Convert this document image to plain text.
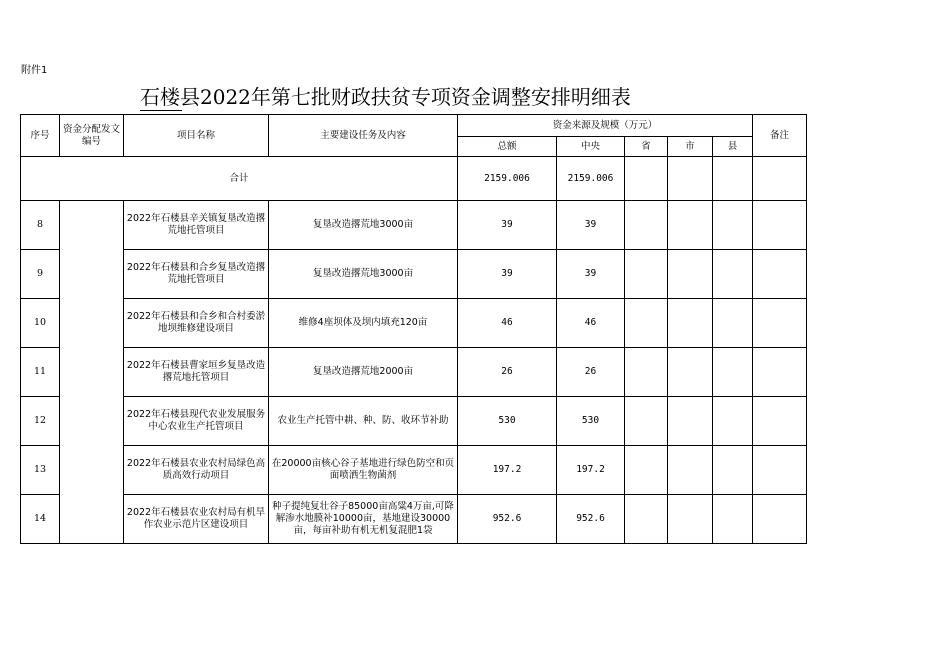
附件1
石楼县2022年第七批财政扶贫专项资金调整安排明细表
序号	资金分配发文编号	项目名称	主要建设任务及内容	资金来源及规模（万元）					备注
				总额	中央	省	市	县	
合计				2159.006	2159.006				
8		2022年石楼县辛关镇复垦改造撂荒地托管项目	复垦改造撂荒地3000亩	39	39				
9		2022年石楼县和合乡复垦改造撂荒地托管项目	复垦改造撂荒地3000亩	39	39				
10		2022年石楼县和合乡和合村委淤地坝维修建设项目	维修4座坝体及坝内填充120亩	46	46				
11		2022年石楼县曹家垣乡复垦改造撂荒地托管项目	复垦改造撂荒地2000亩	26	26				
12		2022年石楼县现代农业发展服务中心农业生产托管项目	农业生产托管中耕、种、防、收环节补助	530	530				
13		2022年石楼县农业农村局绿色高质高效行动项目	在20000亩核心谷子基地进行绿色防空和页面喷洒生物菌剂	197.2	197.2				
14		2022年石楼县农业农村局有机旱作农业示范片区建设项目	种子提纯复壮谷子85000亩高粱4万亩,可降解渗水地膜补10000亩，基地建设30000亩，每亩补助有机无机复混肥1袋	952.6	952.6				
